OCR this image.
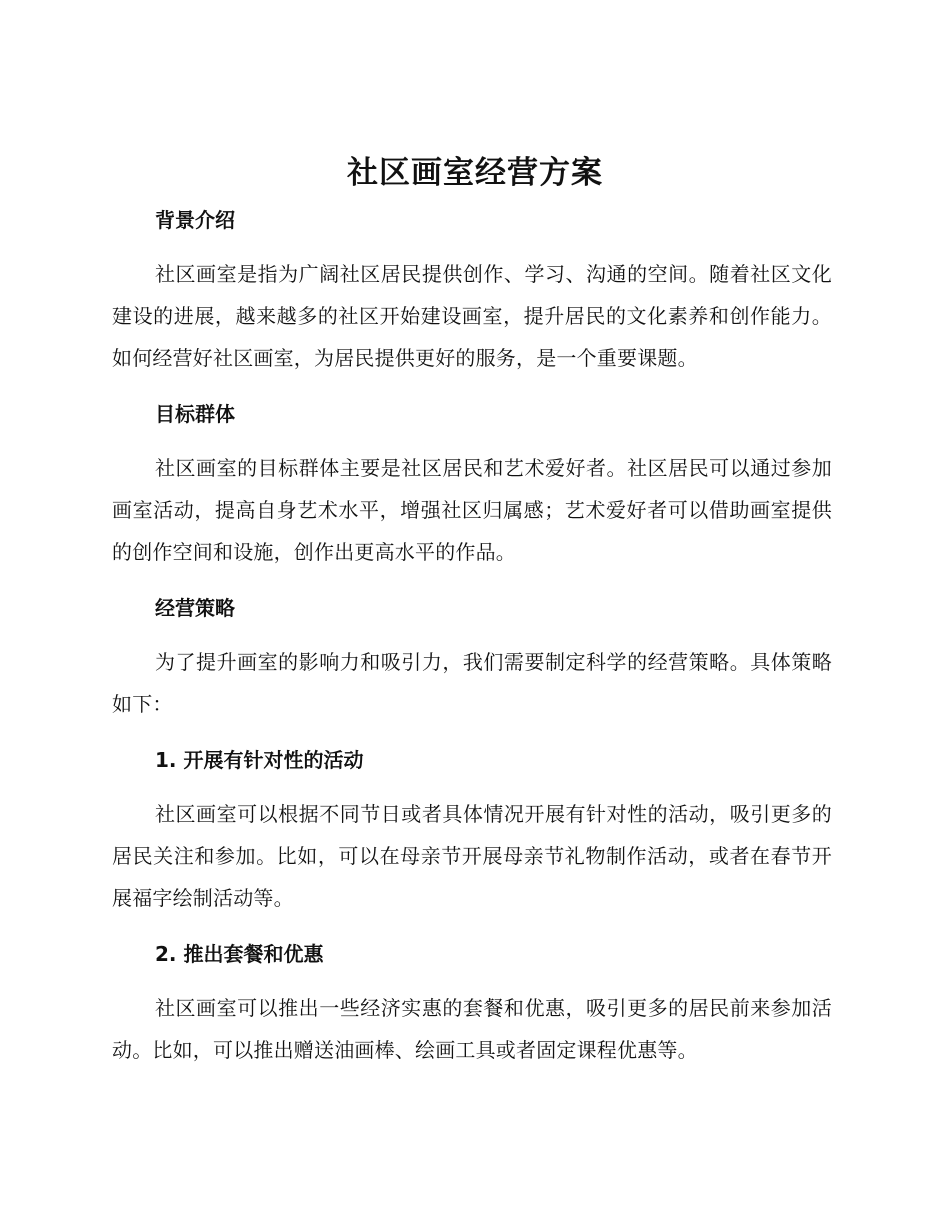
社区画室经营方案
背景介绍

社区画室是指为广阔社区居民提供创作、学习、沟通的空间。随着社区文化建设的进展，越来越多的社区开始建设画室，提升居民的文化素养和创作能力。如何经营好社区画室，为居民提供更好的服务，是一个重要课题。

目标群体

社区画室的目标群体主要是社区居民和艺术爱好者。社区居民可以通过参加画室活动，提高自身艺术水平，增强社区归属感；艺术爱好者可以借助画室提供的创作空间和设施，创作出更高水平的作品。

经营策略

为了提升画室的影响力和吸引力，我们需要制定科学的经营策略。具体策略如下：

1. 开展有针对性的活动

社区画室可以根据不同节日或者具体情况开展有针对性的活动，吸引更多的居民关注和参加。比如，可以在母亲节开展母亲节礼物制作活动，或者在春节开展福字绘制活动等。

2. 推出套餐和优惠

社区画室可以推出一些经济实惠的套餐和优惠，吸引更多的居民前来参加活动。比如，可以推出赠送油画棒、绘画工具或者固定课程优惠等。
